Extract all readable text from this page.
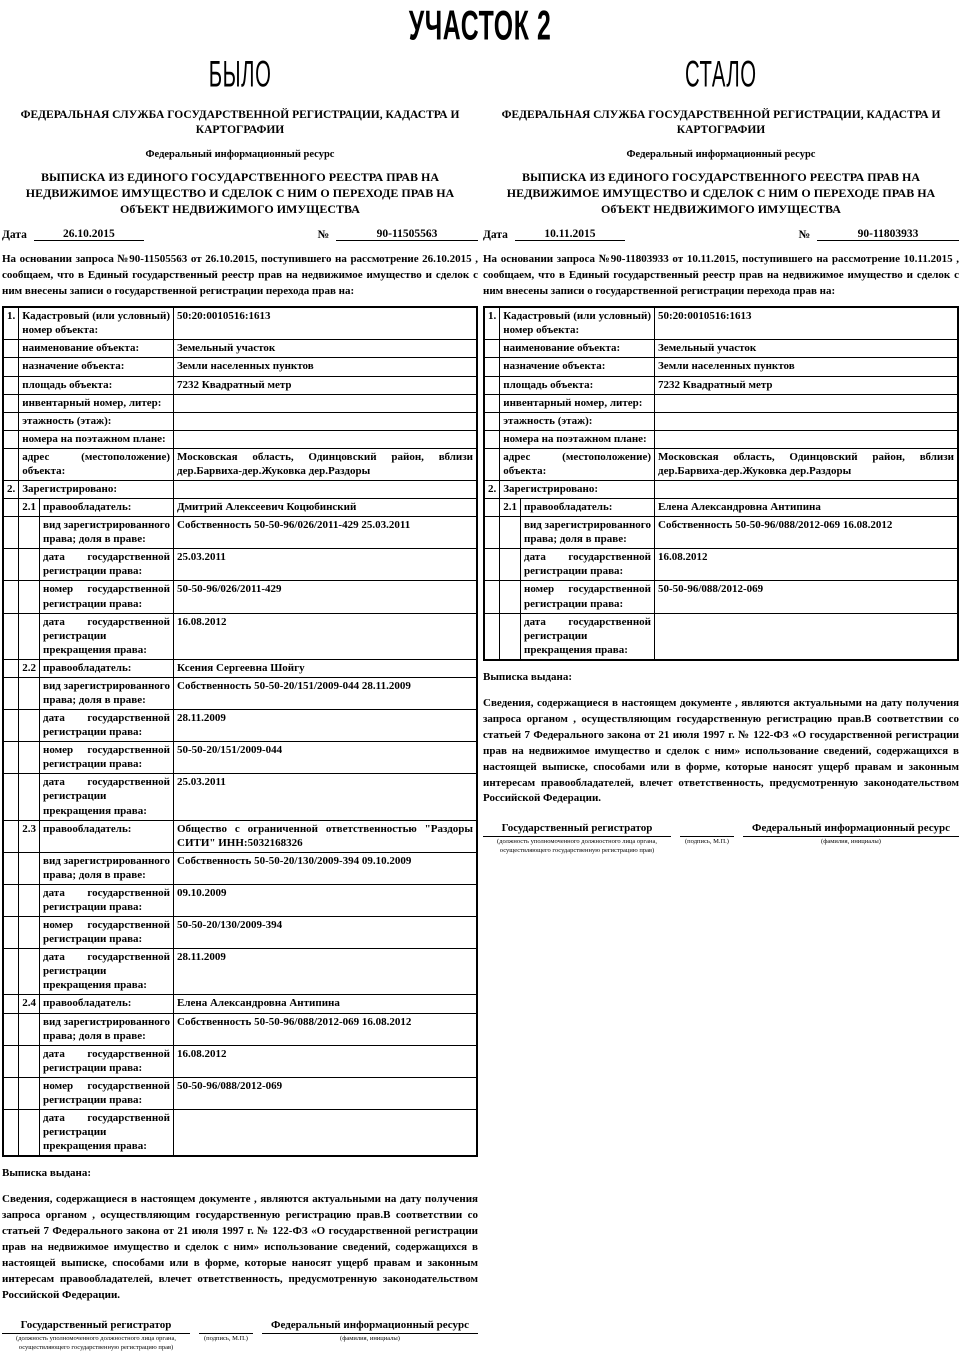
УЧАСТОК 2
БЫЛО
ФЕДЕРАЛЬНАЯ СЛУЖБА ГОСУДАРСТВЕННОЙ РЕГИСТРАЦИИ, КАДАСТРА И КАРТОГРАФИИ
Федеральный информационный ресурс
ВЫПИСКА ИЗ ЕДИНОГО ГОСУДАРСТВЕННОГО РЕЕСТРА ПРАВ НА НЕДВИЖИМОЕ ИМУЩЕСТВО И СДЕЛОК С НИМ О ПЕРЕХОДЕ ПРАВ НА ОбЪЕКТ НЕДВИЖИМОГО ИМУЩЕСТВА
Дата	26.10.2015	№	90-11505563
На основании запроса №90-11505563 от 26.10.2015, поступившего на рассмотрение 26.10.2015 , сообщаем, что в Единый государственный реестр прав на недвижимое имущество и сделок с ним внесены записи о государственной регистрации перехода прав на:
1.	Кадастровый (или условный) номер объекта:		50:20:0010516:1613
	наименование объекта:		Земельный участок
	назначение объекта:		Земли населенных пунктов
	площадь объекта:		7232 Квадратный метр
	инвентарный номер, литер:		
	этажность (этаж):		
	номера на поэтажном плане:		
	адрес (местоположение) объекта:		Московская область, Одинцовский район, вблизи дер.Барвиха-дер.Жуковка дер.Раздоры
2.	Зарегистрировано:		
	2.1	правообладатель:	Дмитрий Алексеевич Коцюбинский
		вид зарегистрированного права; доля в праве:	Собственность 50-50-96/026/2011-429 25.03.2011
		дата государственной регистрации права:	25.03.2011
		номер государственной регистрации права:	50-50-96/026/2011-429
		дата государственной регистрации прекращения права:	16.08.2012
	2.2	правообладатель:	Ксения Сергеевна Шойгу
		вид зарегистрированного права; доля в праве:	Собственность 50-50-20/151/2009-044 28.11.2009
		дата государственной регистрации права:	28.11.2009
		номер государственной регистрации права:	50-50-20/151/2009-044
		дата государственной регистрации прекращения права:	25.03.2011
	2.3	правообладатель:	Общество с ограниченной ответственностью "Раздоры СИТИ" ИНН:5032168326
		вид зарегистрированного права; доля в праве:	Собственность 50-50-20/130/2009-394 09.10.2009
		дата государственной регистрации права:	09.10.2009
		номер государственной регистрации права:	50-50-20/130/2009-394
		дата государственной регистрации прекращения права:	28.11.2009
	2.4	правообладатель:	Елена Александровна Антипина
		вид зарегистрированного права; доля в праве:	Собственность 50-50-96/088/2012-069 16.08.2012
		дата государственной регистрации права:	16.08.2012
		номер государственной регистрации права:	50-50-96/088/2012-069
		дата государственной регистрации прекращения права:	
Выписка выдана:
Сведения, содержащиеся в настоящем документе , являются актуальными на дату получения запроса органом , осуществляющим государственную регистрацию прав.В соответствии со статьей 7 Федерального закона от 21 июля 1997 г. № 122-ФЗ «О государственной регистрации прав на недвижимое имущество и сделок с ним» использование сведений, содержащихся в настоящей выписке, способами или в форме, которые наносят ущерб правам и законным интересам правообладателей, влечет ответственность, предусмотренную законодательством Российской Федерации.
Государственный регистратор
(должность уполномоченного должностного лица органа, осуществляющего государственную регистрацию прав)

(подпись, М.П.)
Федеральный информационный ресурс
(фамилия, инициалы)
СТАЛО
ФЕДЕРАЛЬНАЯ СЛУЖБА ГОСУДАРСТВЕННОЙ РЕГИСТРАЦИИ, КАДАСТРА И КАРТОГРАФИИ
Федеральный информационный ресурс
ВЫПИСКА ИЗ ЕДИНОГО ГОСУДАРСТВЕННОГО РЕЕСТРА ПРАВ НА НЕДВИЖИМОЕ ИМУЩЕСТВО И СДЕЛОК С НИМ О ПЕРЕХОДЕ ПРАВ НА ОбЪЕКТ НЕДВИЖИМОГО ИМУЩЕСТВА
Дата	10.11.2015	№	90-11803933
На основании запроса №90-11803933 от 10.11.2015, поступившего на рассмотрение 10.11.2015 , сообщаем, что в Единый государственный реестр прав на недвижимое имущество и сделок с ним внесены записи о государственной регистрации перехода прав на:
1.	Кадастровый (или условный) номер объекта:		50:20:0010516:1613
	наименование объекта:		Земельный участок
	назначение объекта:		Земли населенных пунктов
	площадь объекта:		7232 Квадратный метр
	инвентарный номер, литер:		
	этажность (этаж):		
	номера на поэтажном плане:		
	адрес (местоположение) объекта:		Московская область, Одинцовский район, вблизи дер.Барвиха-дер.Жуковка дер.Раздоры
2.	Зарегистрировано:		
	2.1	правообладатель:	Елена Александровна Антипина
		вид зарегистрированного права; доля в праве:	Собственность 50-50-96/088/2012-069 16.08.2012
		дата государственной регистрации права:	16.08.2012
		номер государственной регистрации права:	50-50-96/088/2012-069
		дата государственной регистрации прекращения права:	
Выписка выдана:
Сведения, содержащиеся в настоящем документе , являются актуальными на дату получения запроса органом , осуществляющим государственную регистрацию прав.В соответствии со статьей 7 Федерального закона от 21 июля 1997 г. № 122-ФЗ «О государственной регистрации прав на недвижимое имущество и сделок с ним» использование сведений, содержащихся в настоящей выписке, способами или в форме, которые наносят ущерб правам и законным интересам правообладателей, влечет ответственность, предусмотренную законодательством Российской Федерации.
Государственный регистратор
(должность уполномоченного должностного лица органа, осуществляющего государственную регистрацию прав)

(подпись, М.П.)
Федеральный информационный ресурс
(фамилия, инициалы)
